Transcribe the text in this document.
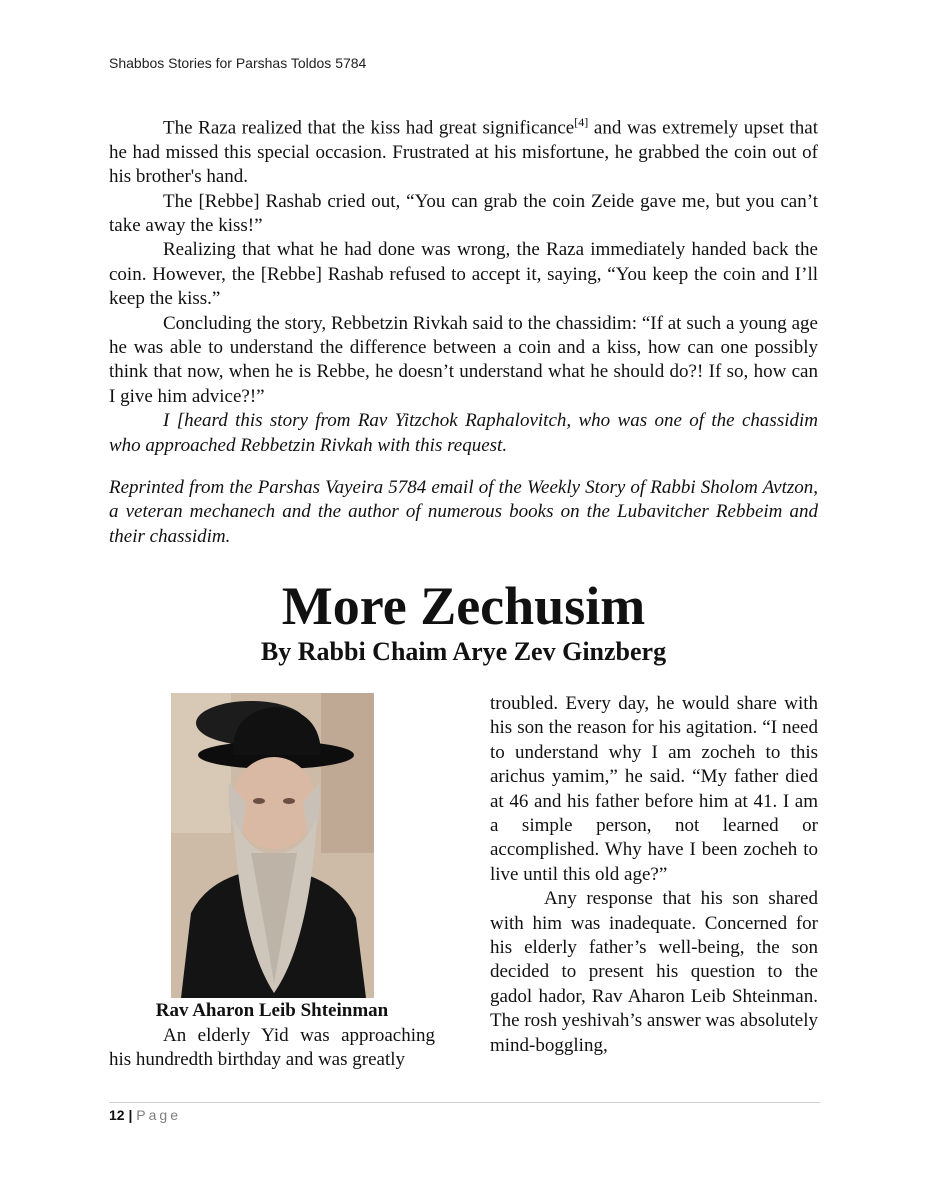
Shabbos Stories for Parshas Toldos 5784

The Raza realized that the kiss had great significance[4] and was extremely upset that he had missed this special occasion. Frustrated at his misfortune, he grabbed the coin out of his brother's hand.

The [Rebbe] Rashab cried out, “You can grab the coin Zeide gave me, but you can’t take away the kiss!”

Realizing that what he had done was wrong, the Raza immediately handed back the coin. However, the [Rebbe] Rashab refused to accept it, saying, “You keep the coin and I’ll keep the kiss.”

Concluding the story, Rebbetzin Rivkah said to the chassidim: “If at such a young age he was able to understand the difference between a coin and a kiss, how can one possibly think that now, when he is Rebbe, he doesn’t understand what he should do?! If so, how can I give him advice?!”

I [heard this story from Rav Yitzchok Raphalovitch, who was one of the chassidim who approached Rebbetzin Rivkah with this request.

Reprinted from the Parshas Vayeira 5784 email of the Weekly Story of Rabbi Sholom Avtzon, a veteran mechanech and the author of numerous books on the Lubavitcher Rebbeim and their chassidim.
More Zechusim
By Rabbi Chaim Arye Zev Ginzberg
Rav Aharon Leib Shteinman

An elderly Yid was approaching his hundredth birthday and was greatly

troubled. Every day, he would share with his son the reason for his agitation. “I need to understand why I am zocheh to this arichus yamim,” he said. “My father died at 46 and his father before him at 41. I am a simple person, not learned or accomplished. Why have I been zocheh to live until this old age?”

Any response that his son shared with him was inadequate. Concerned for his elderly father’s well-being, the son decided to present his question to the gadol hador, Rav Aharon Leib Shteinman. The rosh yeshivah’s answer was absolutely mind-boggling,

12 | Page
